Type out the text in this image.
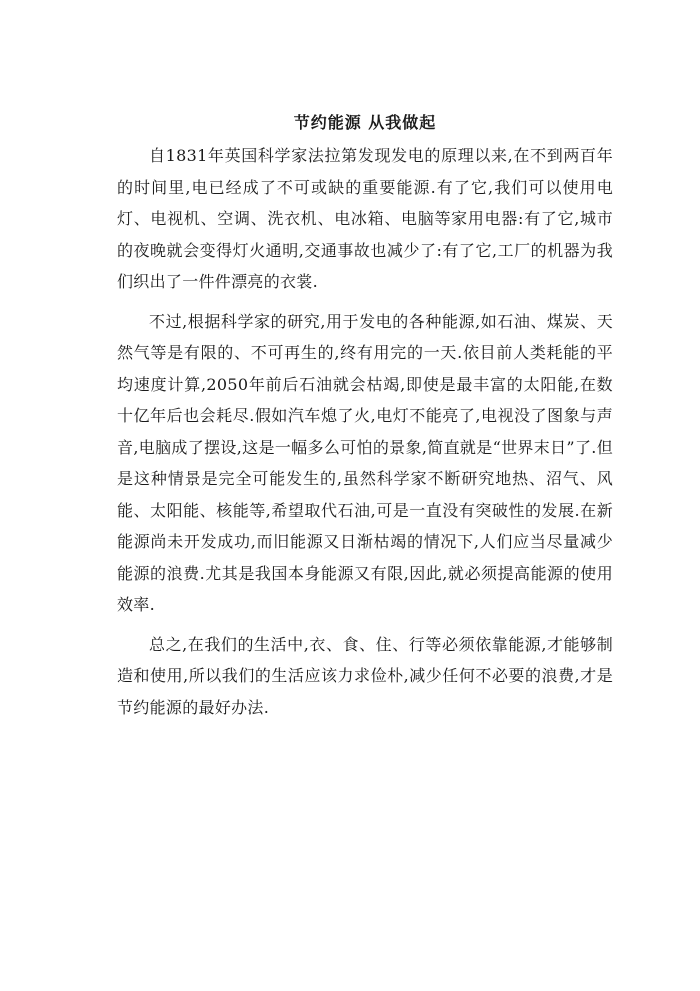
节约能源 从我做起

自1831年英国科学家法拉第发现发电的原理以来,在不到两百年的时间里,电已经成了不可或缺的重要能源.有了它,我们可以使用电灯、电视机、空调、洗衣机、电冰箱、电脑等家用电器:有了它,城市的夜晚就会变得灯火通明,交通事故也减少了:有了它,工厂的机器为我们织出了一件件漂亮的衣裳.

不过,根据科学家的研究,用于发电的各种能源,如石油、煤炭、天然气等是有限的、不可再生的,终有用完的一天.依目前人类耗能的平均速度计算,2050年前后石油就会枯竭,即使是最丰富的太阳能,在数十亿年后也会耗尽.假如汽车熄了火,电灯不能亮了,电视没了图象与声音,电脑成了摆设,这是一幅多么可怕的景象,简直就是“世界末日”了.但是这种情景是完全可能发生的,虽然科学家不断研究地热、沼气、风能、太阳能、核能等,希望取代石油,可是一直没有突破性的发展.在新能源尚未开发成功,而旧能源又日渐枯竭的情况下,人们应当尽量减少能源的浪费.尤其是我国本身能源又有限,因此,就必须提高能源的使用效率.

总之,在我们的生活中,衣、食、住、行等必须依靠能源,才能够制造和使用,所以我们的生活应该力求俭朴,减少任何不必要的浪费,才是节约能源的最好办法.
